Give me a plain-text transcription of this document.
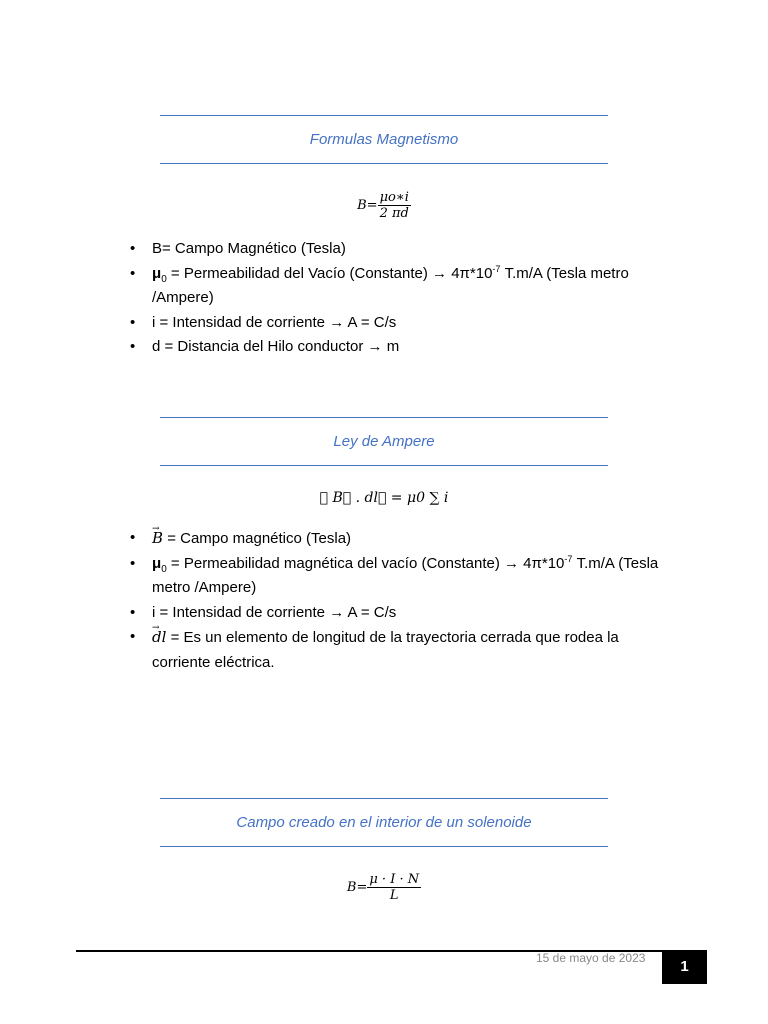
Formulas Magnetismo
$B= \frac{\mu o∗i}{2 \pi d}$
• B= Campo Magnético (Tesla)
• $\mu_0$ = Permeabilidad del Vacío (Constante) → $4\pi*10^{-7}$ T.m/A (Tesla metro /Ampere)
• i = Intensidad de corriente → A = C/s
• d = Distancia del Hilo conductor → m
Ley de Ampere
∮ B⃗ . dl⃗ = μ0 ∑ i
• → B = Campo magnético (Tesla)
• $\mu_0$ = Permeabilidad magnética del vacío (Constante) → $4\pi*10^{-7}$ T.m/A (Tesla metro /Ampere)
• i = Intensidad de corriente → A = C/s
• → dl = Es un elemento de longitud de la trayectoria cerrada que rodea la corriente eléctrica.
Campo creado en el interior de un solenoide
$B= \frac{\mu \cdot I \cdot N}{L}$
15 de mayo de 2023	1
